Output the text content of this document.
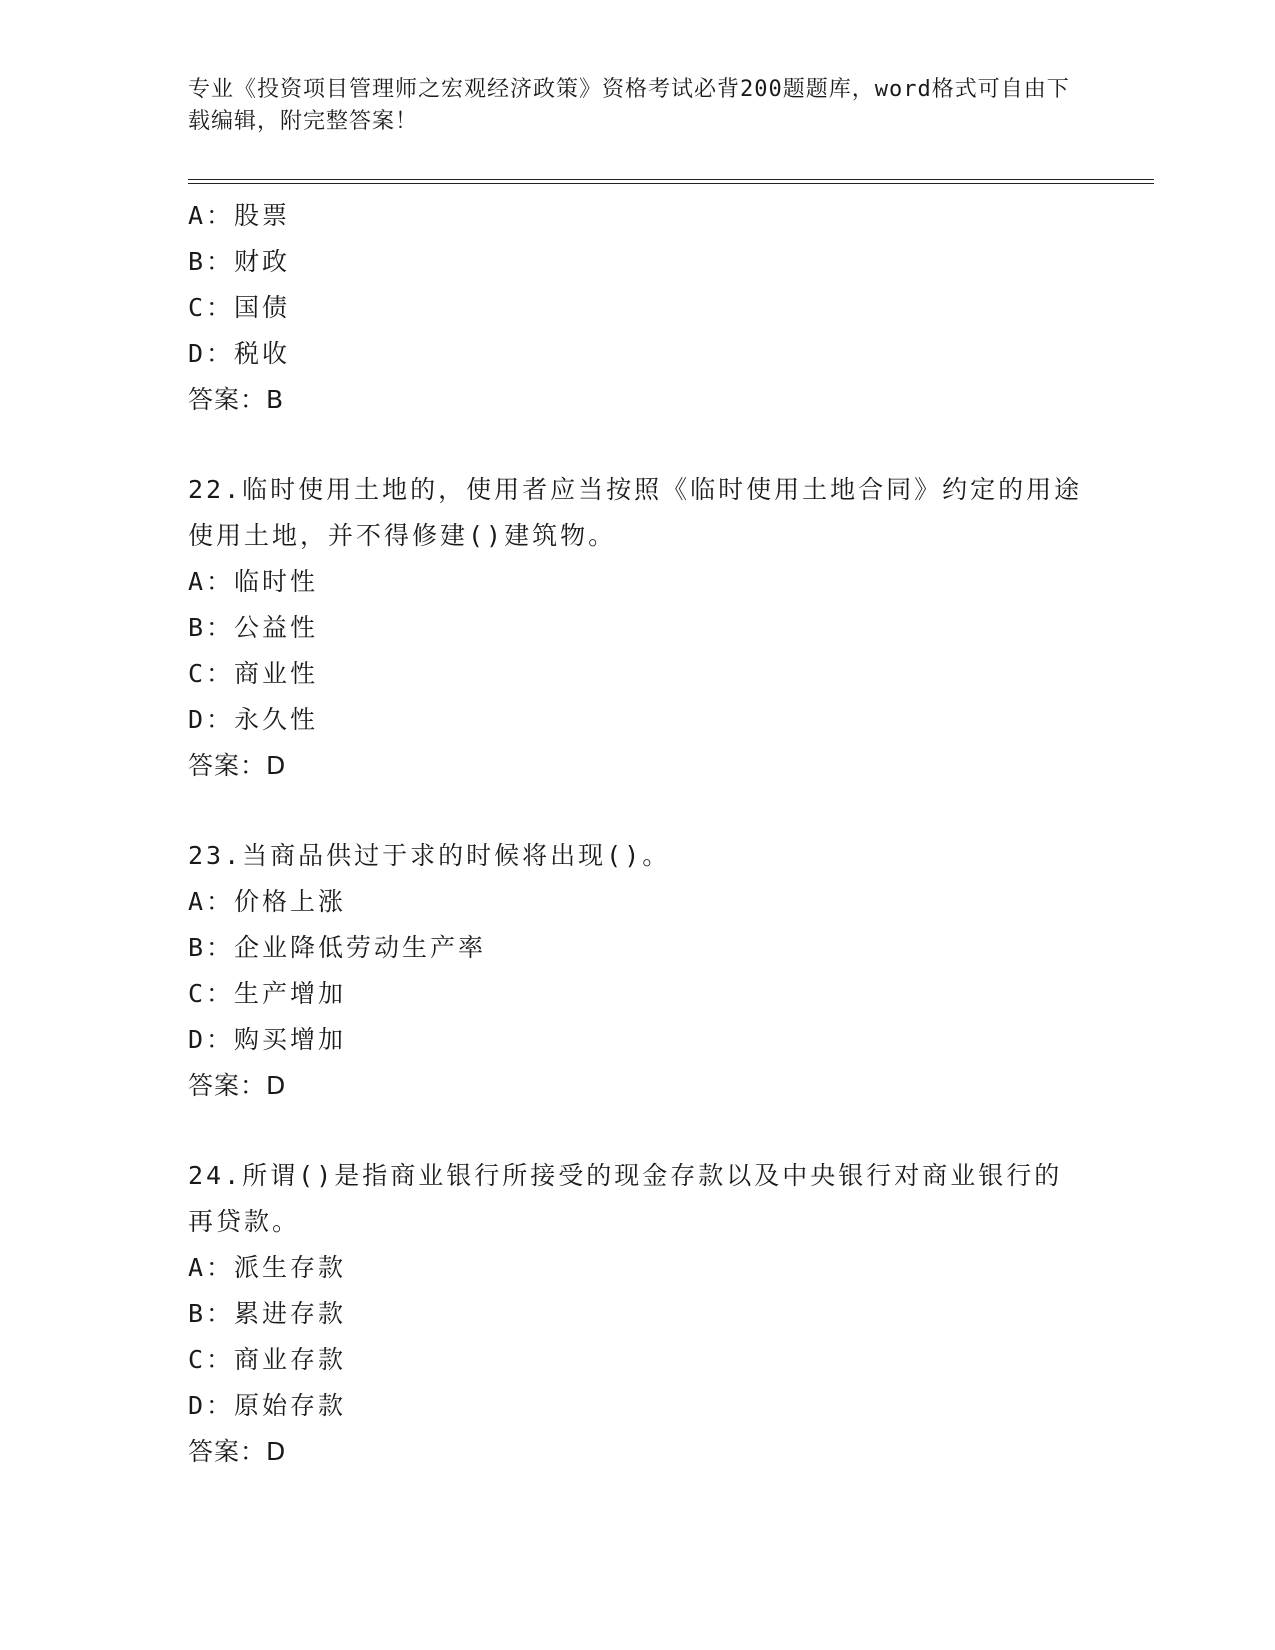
专业《投资项目管理师之宏观经济政策》资格考试必背200题题库，word格式可自由下载编辑，附完整答案！
A：股票
B：财政
C：国债
D：税收
答案：B
22.临时使用土地的，使用者应当按照《临时使用土地合同》约定的用途使用土地，并不得修建()建筑物。
A：临时性
B：公益性
C：商业性
D：永久性
答案：D
23.当商品供过于求的时候将出现()。
A：价格上涨
B：企业降低劳动生产率
C：生产增加
D：购买增加
答案：D
24.所谓()是指商业银行所接受的现金存款以及中央银行对商业银行的再贷款。
A：派生存款
B：累进存款
C：商业存款
D：原始存款
答案：D
